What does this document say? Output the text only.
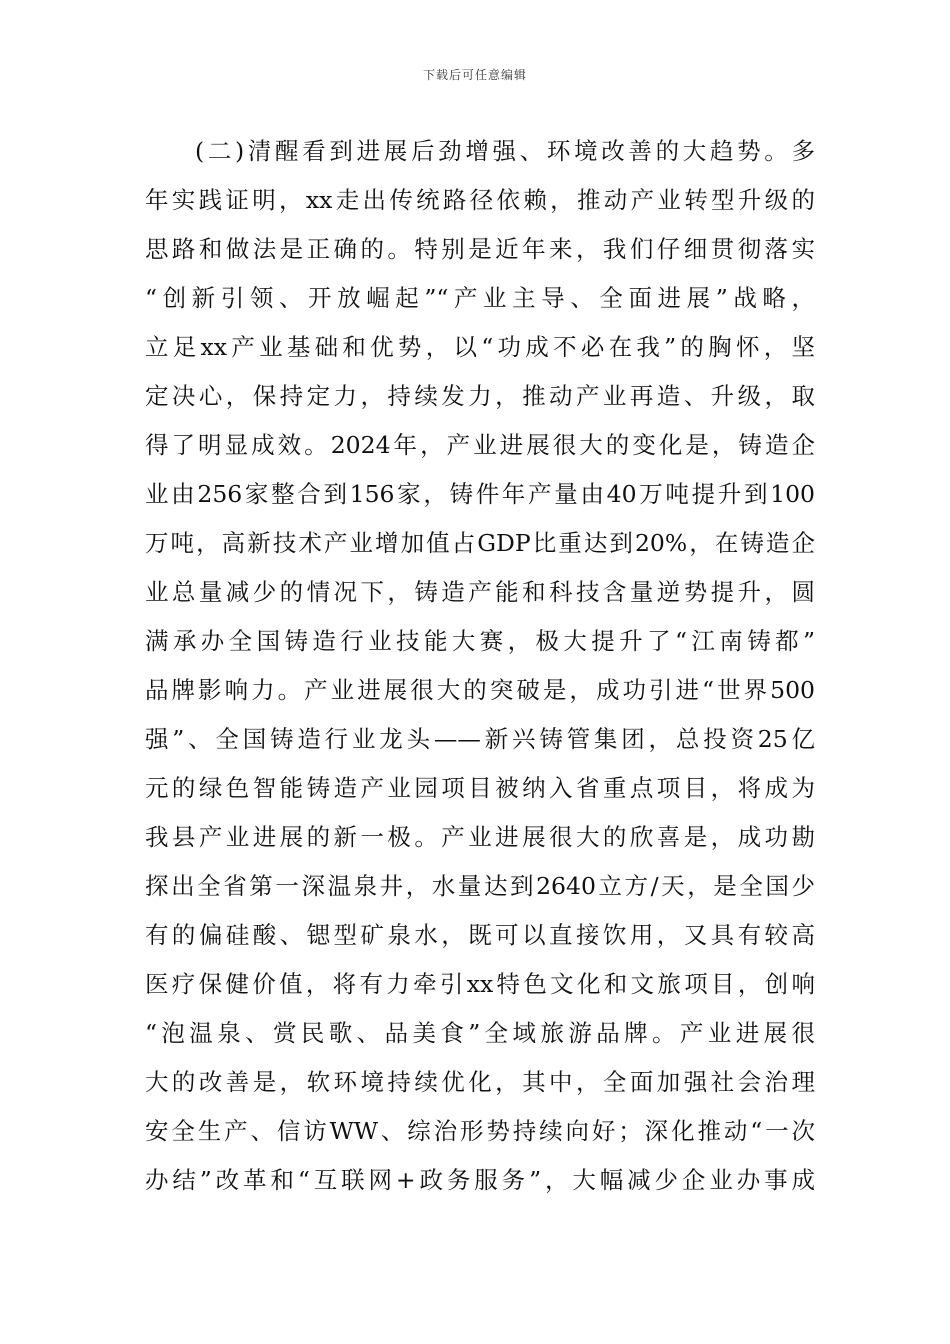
下载后可任意编辑
(二)清醒看到进展后劲增强、环境改善的大趋势。多
年实践证明，xx走出传统路径依赖，推动产业转型升级的
思路和做法是正确的。特别是近年来，我们仔细贯彻落实
“创新引领、开放崛起”“产业主导、全面进展”战略，
立足xx产业基础和优势，以“功成不必在我”的胸怀，坚
定决心，保持定力，持续发力，推动产业再造、升级，取
得了明显成效。2024年，产业进展很大的变化是，铸造企
业由256家整合到156家，铸件年产量由40万吨提升到100
万吨，高新技术产业增加值占GDP比重达到20%，在铸造企
业总量减少的情况下，铸造产能和科技含量逆势提升，圆
满承办全国铸造行业技能大赛，极大提升了“江南铸都”
品牌影响力。产业进展很大的突破是，成功引进“世界500
强”、全国铸造行业龙头——新兴铸管集团，总投资25亿
元的绿色智能铸造产业园项目被纳入省重点项目，将成为
我县产业进展的新一极。产业进展很大的欣喜是，成功勘
探出全省第一深温泉井，水量达到2640立方/天，是全国少
有的偏硅酸、锶型矿泉水，既可以直接饮用，又具有较高
医疗保健价值，将有力牵引xx特色文化和文旅项目，创响
“泡温泉、赏民歌、品美食”全域旅游品牌。产业进展很
大的改善是，软环境持续优化，其中，全面加强社会治理
安全生产、信访WW、综治形势持续向好；深化推动“一次
办结”改革和“互联网+政务服务”，大幅减少企业办事成
